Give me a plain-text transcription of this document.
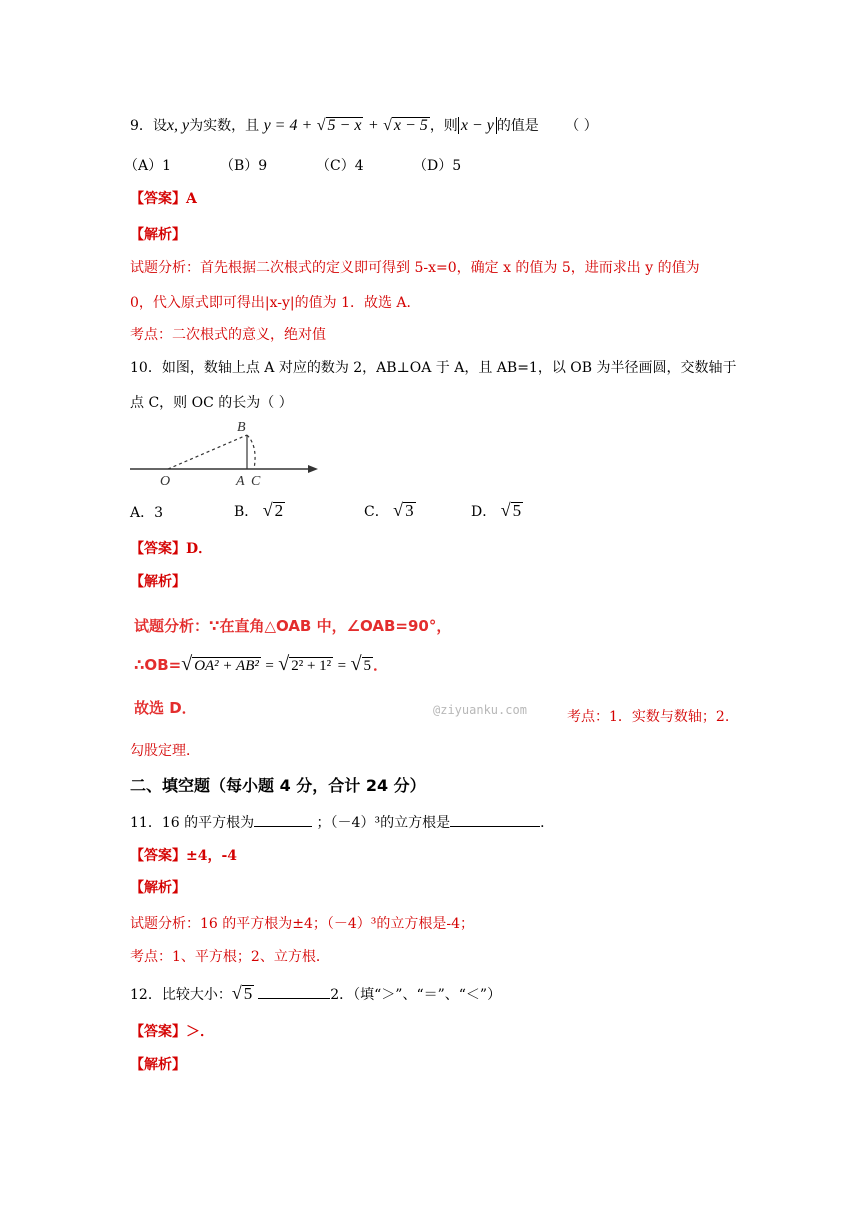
9．设x, y为实数，且 y = 4 + √ 5 − x + √ x − 5 ，则 x − y 的值是 （ ）
（A）1	（B）9	（C）4	（D）5
【答案】A
【解析】
试题分析：首先根据二次根式的定义即可得到 5-x=0，确定 x 的值为 5，进而求出 y 的值为
0，代入原式即可得出|x-y|的值为 1．故选 A．
考点：二次根式的意义，绝对值
10．如图，数轴上点 A 对应的数为 2，AB⊥OA 于 A，且 AB=1，以 OB 为半径画圆，交数轴于
点 C，则 OC 的长为（ ）
B
O	A C
A．3	B． √ 2	C． √ 3	D． √ 5
【答案】D．
【解析】
试题分析：∵在直角△OAB 中，∠OAB=90°，
∴OB=√ OA² + AB² = √ 2² + 1² = √ 5 ．
故选 D．	@ziyuanku.com	考点：1．实数与数轴；2.
勾股定理．
二、填空题（每小题 4 分，合计 24 分）
11．16 的平方根为	；（－4）³的立方根是	．
【答案】±4，-4
【解析】
试题分析：16 的平方根为±4；（－4）³的立方根是-4；
考点：1、平方根；2、立方根．
12．比较大小：√ 5	2．（填“＞”、“＝”、“＜”）
【答案】＞．
【解析】
